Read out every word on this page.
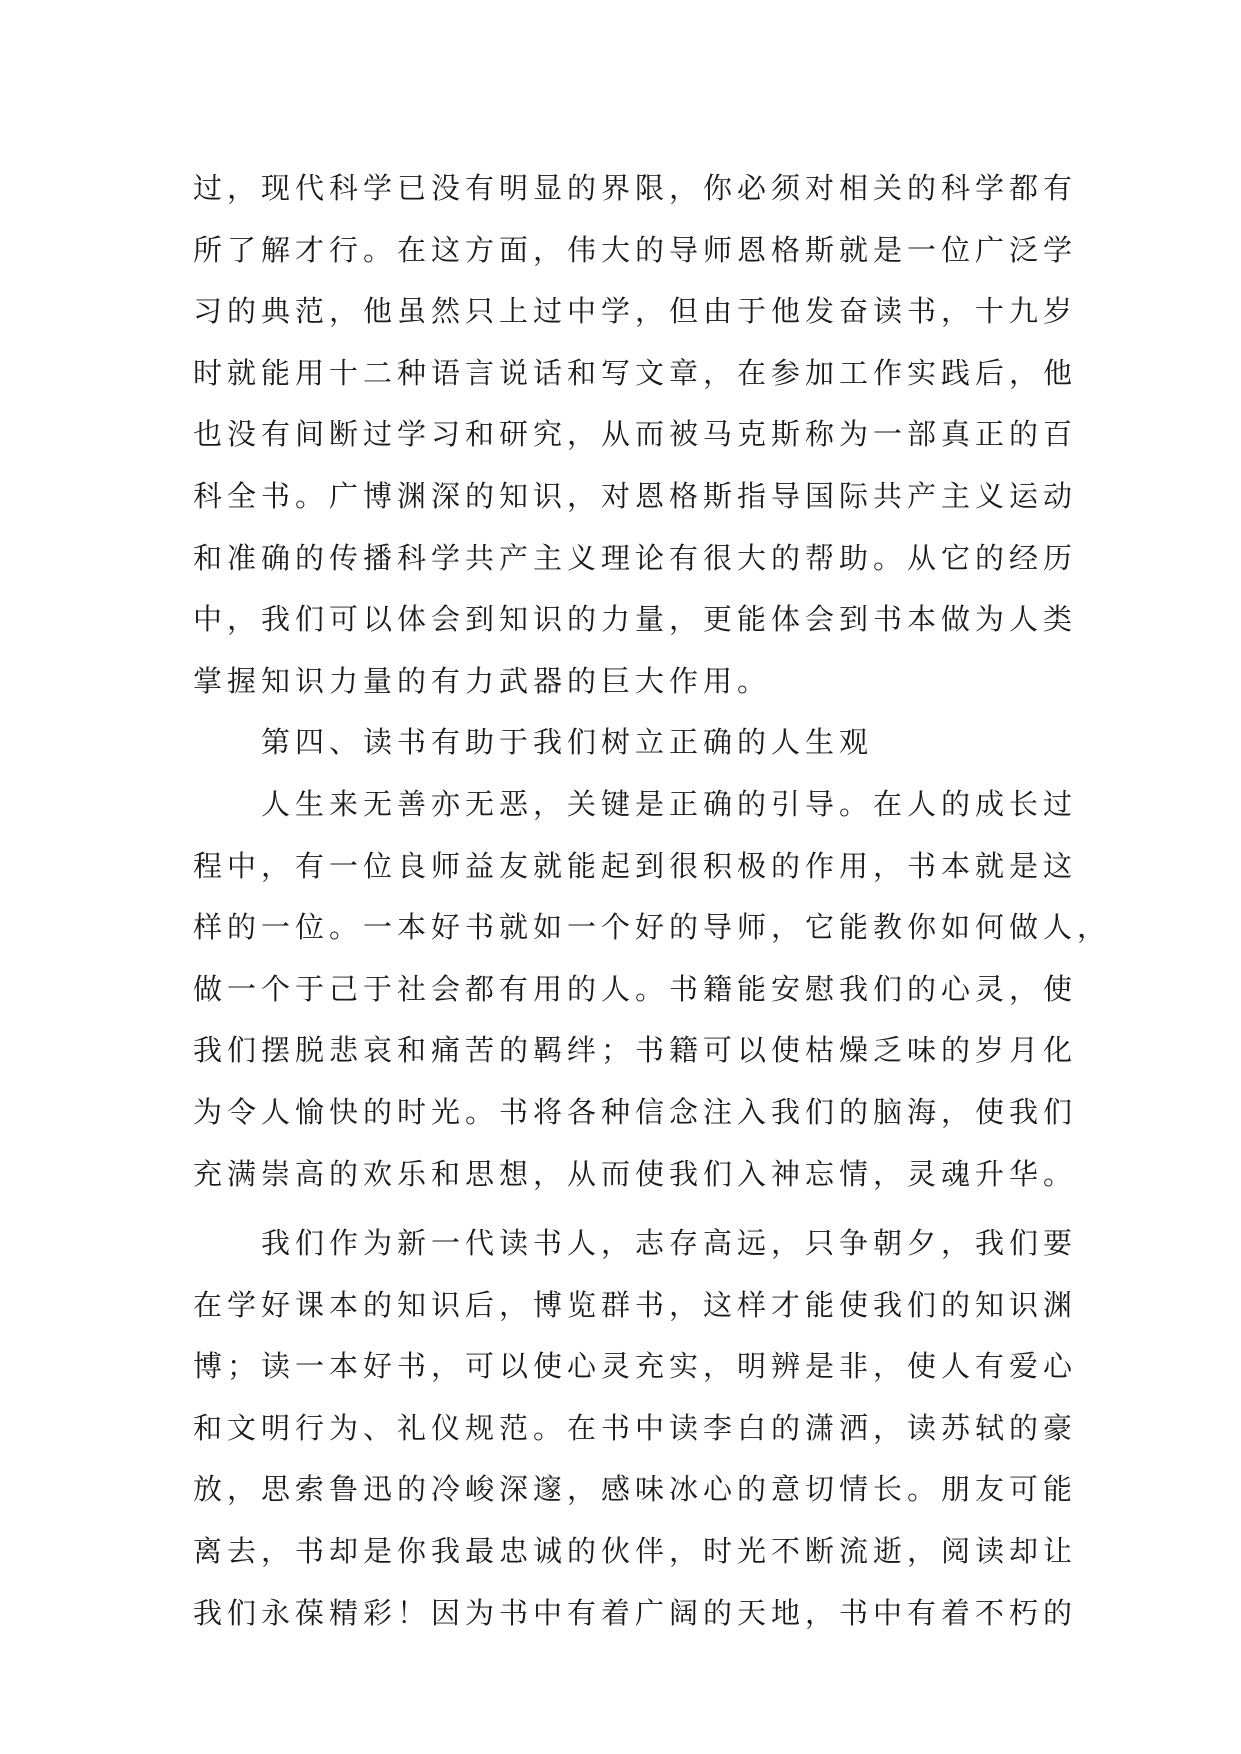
过，现代科学已没有明显的界限，你必须对相关的科学都有
所了解才行。在这方面，伟大的导师恩格斯就是一位广泛学
习的典范，他虽然只上过中学，但由于他发奋读书，十九岁
时就能用十二种语言说话和写文章，在参加工作实践后，他
也没有间断过学习和研究，从而被马克斯称为一部真正的百
科全书。广博渊深的知识，对恩格斯指导国际共产主义运动
和准确的传播科学共产主义理论有很大的帮助。从它的经历
中，我们可以体会到知识的力量，更能体会到书本做为人类
掌握知识力量的有力武器的巨大作用。
　　第四、读书有助于我们树立正确的人生观
　　人生来无善亦无恶，关键是正确的引导。在人的成长过
程中，有一位良师益友就能起到很积极的作用，书本就是这
样的一位。一本好书就如一个好的导师，它能教你如何做人，
做一个于己于社会都有用的人。书籍能安慰我们的心灵，使
我们摆脱悲哀和痛苦的羁绊；书籍可以使枯燥乏味的岁月化
为令人愉快的时光。书将各种信念注入我们的脑海，使我们
充满崇高的欢乐和思想，从而使我们入神忘情，灵魂升华。
　　我们作为新一代读书人，志存高远，只争朝夕，我们要
在学好课本的知识后，博览群书，这样才能使我们的知识渊
博；读一本好书，可以使心灵充实，明辨是非，使人有爱心
和文明行为、礼仪规范。在书中读李白的潇洒，读苏轼的豪
放，思索鲁迅的冷峻深邃，感味冰心的意切情长。朋友可能
离去，书却是你我最忠诚的伙伴，时光不断流逝，阅读却让
我们永葆精彩！因为书中有着广阔的天地，书中有着不朽的
